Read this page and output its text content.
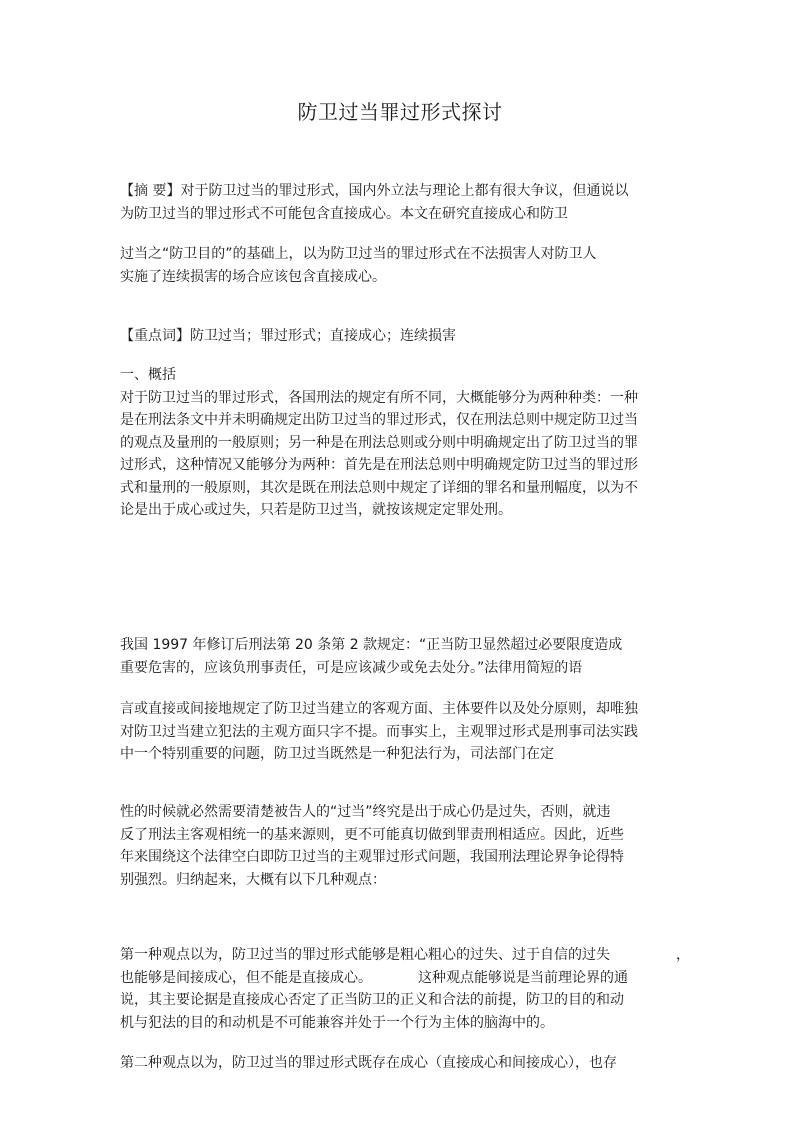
防卫过当罪过形式探讨
【摘 要】对于防卫过当的罪过形式，国内外立法与理论上都有很大争议，但通说以
为防卫过当的罪过形式不可能包含直接成心。本文在研究直接成心和防卫
过当之“防卫目的”的基础上，以为防卫过当的罪过形式在不法损害人对防卫人
实施了连续损害的场合应该包含直接成心。
【重点词】防卫过当；罪过形式；直接成心；连续损害
一、概括
对于防卫过当的罪过形式，各国刑法的规定有所不同，大概能够分为两种种类：一种
是在刑法条文中并未明确规定出防卫过当的罪过形式，仅在刑法总则中规定防卫过当
的观点及量刑的一般原则；另一种是在刑法总则或分则中明确规定出了防卫过当的罪
过形式，这种情况又能够分为两种：首先是在刑法总则中明确规定防卫过当的罪过形
式和量刑的一般原则，其次是既在刑法总则中规定了详细的罪名和量刑幅度，以为不
论是出于成心或过失，只若是防卫过当，就按该规定定罪处刑。
我国 1997 年修订后刑法第 20 条第 2 款规定：“正当防卫显然超过必要限度造成
重要危害的，应该负刑事责任，可是应该减少或免去处分。”法律用简短的语
言或直接或间接地规定了防卫过当建立的客观方面、主体要件以及处分原则，却唯独
对防卫过当建立犯法的主观方面只字不提。而事实上，主观罪过形式是刑事司法实践
中一个特别重要的问题，防卫过当既然是一种犯法行为，司法部门在定
性的时候就必然需要清楚被告人的“过当”终究是出于成心仍是过失，否则，就违
反了刑法主客观相统一的基来源则，更不可能真切做到罪责刑相适应。因此，近些
年来围绕这个法律空白即防卫过当的主观罪过形式问题，我国刑法理论界争论得特
别强烈。归纳起来，大概有以下几种观点：
第一种观点以为，防卫过当的罪过形式能够是粗心粗心的过失、过于自信的过失	，
也能够是间接成心，但不能是直接成心。	这种观点能够说是当前理论界的通
说，其主要论据是直接成心否定了正当防卫的正义和合法的前提，防卫的目的和动
机与犯法的目的和动机是不可能兼容并处于一个行为主体的脑海中的。
第二种观点以为，防卫过当的罪过形式既存在成心（直接成心和间接成心），也存
